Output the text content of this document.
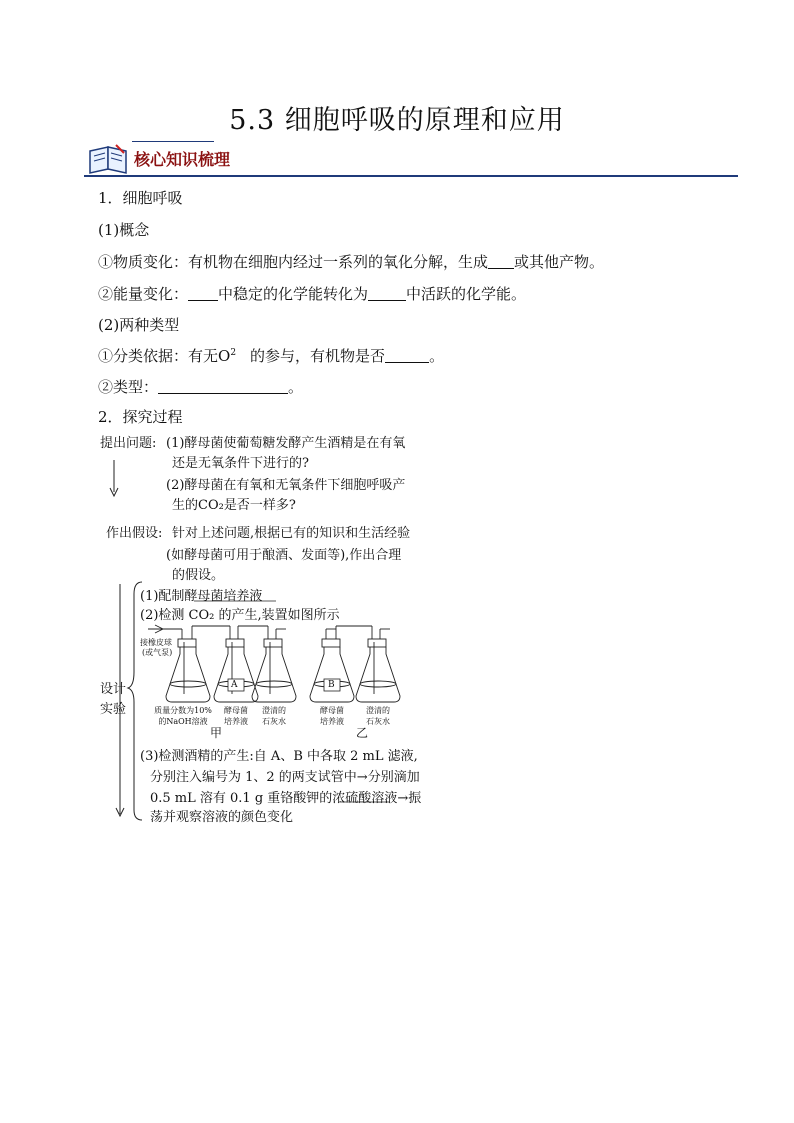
5.3 细胞呼吸的原理和应用
核心知识梳理
1．细胞呼吸
(1)概念
①物质变化：有机物在细胞内经过一系列的氧化分解，生成 或其他产物。
②能量变化： 中稳定的化学能转化为	中活跃的化学能。
(2)两种类型
①分类依据：有无$O^2$ 的参与，有机物是否	。
②类型：	。
2．探究过程
提出问题: (1)酵母菌使葡萄糖发酵产生酒精是在有氧
还是无氧条件下进行的?
(2)酵母菌在有氧和无氧条件下细胞呼吸产
生的CO₂是否一样多?
作出假设: 针对上述问题,根据已有的知识和生活经验
(如酵母菌可用于酿酒、发面等),作出合理
的假设。
设计
实验
(1)配制酵母菌培养液
(2)检测 CO₂ 的产生,装置如图所示
接橡皮球
(或气泵)
A	B
质量分数为10%
的NaOH溶液
酵母菌
培养液
澄清的
石灰水
酵母菌
培养液
澄清的
石灰水
甲	乙
(3)检测酒精的产生:自 A、B 中各取 2 mL 滤液,
分别注入编号为 1、2 的两支试管中→分别滴加
0.5 mL 溶有 0.1 g 重铬酸钾的浓硫酸溶液→振
荡并观察溶液的颜色变化
